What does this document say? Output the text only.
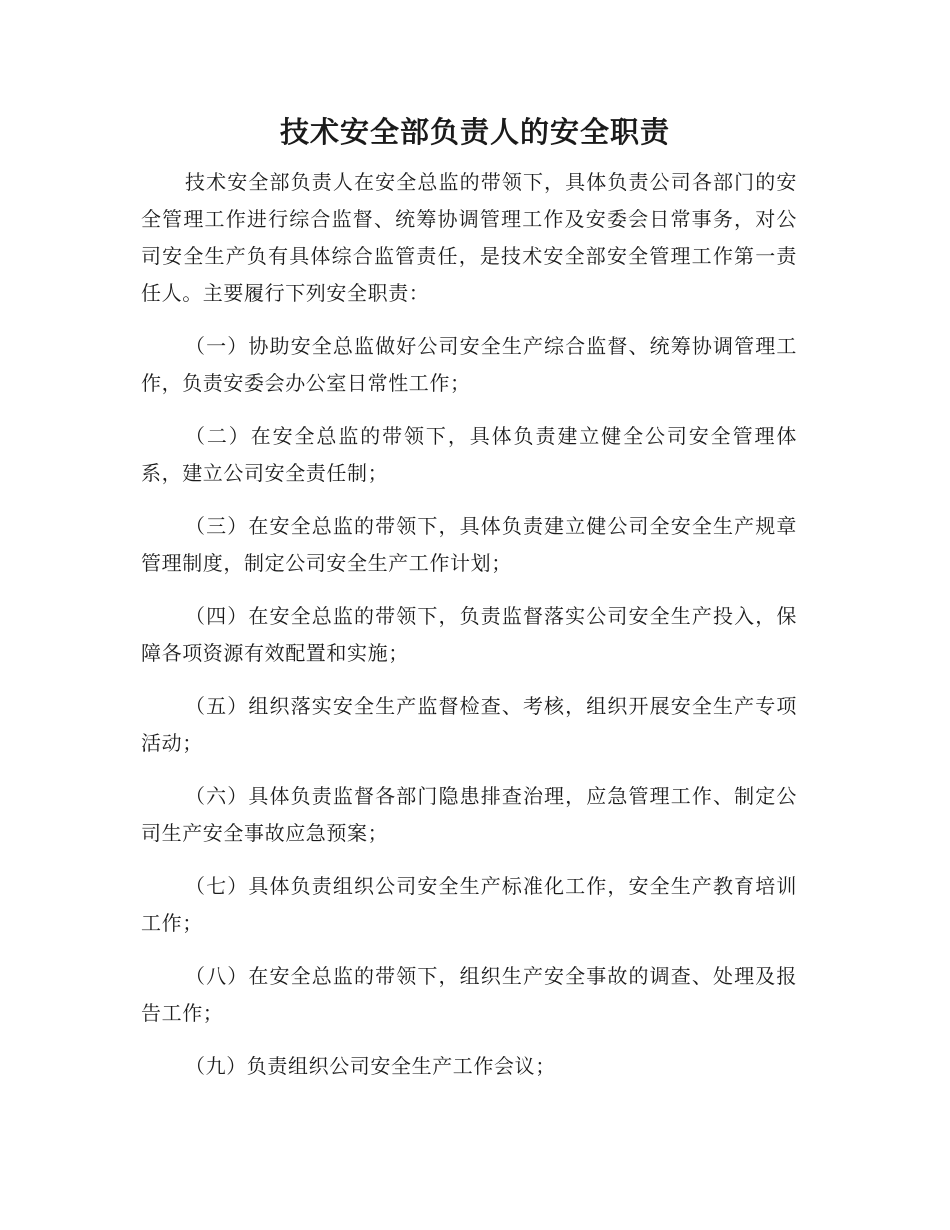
技术安全部负责人的安全职责

技术安全部负责人在安全总监的带领下，具体负责公司各部门的安全管理工作进行综合监督、统筹协调管理工作及安委会日常事务，对公司安全生产负有具体综合监管责任，是技术安全部安全管理工作第一责任人。主要履行下列安全职责：

（一）协助安全总监做好公司安全生产综合监督、统筹协调管理工作，负责安委会办公室日常性工作；

（二）在安全总监的带领下，具体负责建立健全公司安全管理体系，建立公司安全责任制；

（三）在安全总监的带领下，具体负责建立健公司全安全生产规章管理制度，制定公司安全生产工作计划；

（四）在安全总监的带领下，负责监督落实公司安全生产投入，保障各项资源有效配置和实施；

（五）组织落实安全生产监督检查、考核，组织开展安全生产专项活动；

（六）具体负责监督各部门隐患排查治理，应急管理工作、制定公司生产安全事故应急预案；

（七）具体负责组织公司安全生产标准化工作，安全生产教育培训工作；

（八）在安全总监的带领下，组织生产安全事故的调查、处理及报告工作；

（九）负责组织公司安全生产工作会议；
